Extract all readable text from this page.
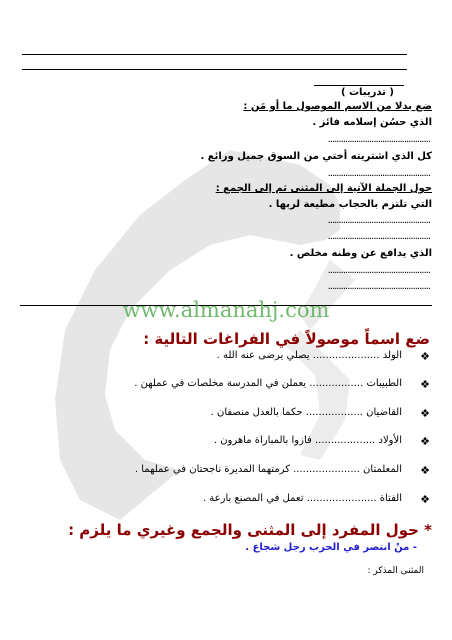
( تدريبات )
ضع بدلا من الاسم الموصول ما أو مَن :
الذي حسُن إسلامه فائز .
...............................................
كل الذي اشتريته أختي من السوق جميل ورائع .
...............................................
حول الجملة الآتية إلى المثنى ثم إلى الجمع :
التي تلتزم بالحجاب مطيعة لربها .
...............................................
...............................................
الذي يدافع عن وطنه مخلص .
...............................................
...............................................
www.almanahj.com
ضع اسماً موصولاً في الفراغات التالية :
❖
الولد ..................... يصلي يرضى عنه الله .
❖
الطبيبات ................. يعملن في المدرسة مخلصات في عملهن .
❖
القاضيان .................. حكما بالعدل منصفان .
❖
الأولاد ................... فازوا بالمباراة ماهرون .
❖
المعلمتان ..................... كرمتهما المديرة ناجحتان في عملهما .
❖
الفتاة ...................... تعمل في المصنع بارعة .
* حول المفرد إلى المثنى والجمع وغيري ما يلزم :
- منْ انتصر في الحرب رجل شجاع .
المثنى المذكر :
